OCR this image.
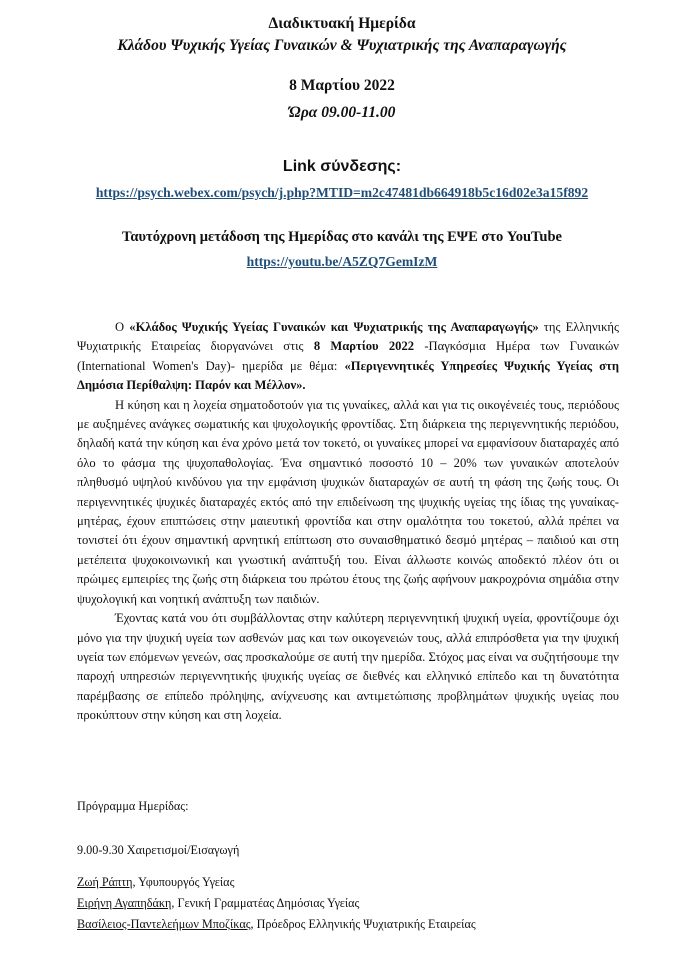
Διαδικτυακή Ημερίδα
Κλάδου Ψυχικής Υγείας Γυναικών & Ψυχιατρικής της Αναπαραγωγής
8 Μαρτίου 2022
Ώρα 09.00-11.00
Link σύνδεσης:
https://psych.webex.com/psych/j.php?MTID=m2c47481db664918b5c16d02e3a15f892
Ταυτόχρονη μετάδοση της Ημερίδας στο κανάλι της ΕΨΕ στο YouTube
https://youtu.be/A5ZQ7GemIzM

Ο «Κλάδος Ψυχικής Υγείας Γυναικών και Ψυχιατρικής της Αναπαραγωγής» της Ελληνικής Ψυχιατρικής Εταιρείας διοργανώνει στις 8 Μαρτίου 2022 -Παγκόσμια Ημέρα των Γυναικών (International Women's Day)- ημερίδα με θέμα: «Περιγεννητικές Υπηρεσίες Ψυχικής Υγείας στη Δημόσια Περίθαλψη: Παρόν και Μέλλον».

Η κύηση και η λοχεία σηματοδοτούν για τις γυναίκες, αλλά και για τις οικογένειές τους, περιόδους με αυξημένες ανάγκες σωματικής και ψυχολογικής φροντίδας. Στη διάρκεια της περιγεννητικής περιόδου, δηλαδή κατά την κύηση και ένα χρόνο μετά τον τοκετό, οι γυναίκες μπορεί να εμφανίσουν διαταραχές από όλο το φάσμα της ψυχοπαθολογίας. Ένα σημαντικό ποσοστό 10 – 20% των γυναικών αποτελούν πληθυσμό υψηλού κινδύνου για την εμφάνιση ψυχικών διαταραχών σε αυτή τη φάση της ζωής τους. Οι περιγεννητικές ψυχικές διαταραχές εκτός από την επιδείνωση της ψυχικής υγείας της ίδιας της γυναίκας-μητέρας, έχουν επιπτώσεις στην μαιευτική φροντίδα και στην ομαλότητα του τοκετού, αλλά πρέπει να τονιστεί ότι έχουν σημαντική αρνητική επίπτωση στο συναισθηματικό δεσμό μητέρας – παιδιού και στη μετέπειτα ψυχοκοινωνική και γνωστική ανάπτυξή του. Είναι άλλωστε κοινώς αποδεκτό πλέον ότι οι πρώιμες εμπειρίες της ζωής στη διάρκεια του πρώτου έτους της ζωής αφήνουν μακροχρόνια σημάδια στην ψυχολογική και νοητική ανάπτυξη των παιδιών.

Έχοντας κατά νου ότι συμβάλλοντας στην καλύτερη περιγεννητική ψυχική υγεία, φροντίζουμε όχι μόνο για την ψυχική υγεία των ασθενών μας και των οικογενειών τους, αλλά επιπρόσθετα για την ψυχική υγεία των επόμενων γενεών, σας προσκαλούμε σε αυτή την ημερίδα. Στόχος μας είναι να συζητήσουμε την παροχή υπηρεσιών περιγεννητικής ψυχικής υγείας σε διεθνές και ελληνικό επίπεδο και τη δυνατότητα παρέμβασης σε επίπεδο πρόληψης, ανίχνευσης και αντιμετώπισης προβλημάτων ψυχικής υγείας που προκύπτουν στην κύηση και στη λοχεία.

Πρόγραμμα Ημερίδας:
9.00-9.30 Χαιρετισμοί/Εισαγωγή
Ζωή Ράπτη, Υφυπουργός Υγείας
Ειρήνη Αγαπηδάκη, Γενική Γραμματέας Δημόσιας Υγείας
Βασίλειος-Παντελεήμων Μποζίκας, Πρόεδρος Ελληνικής Ψυχιατρικής Εταιρείας
